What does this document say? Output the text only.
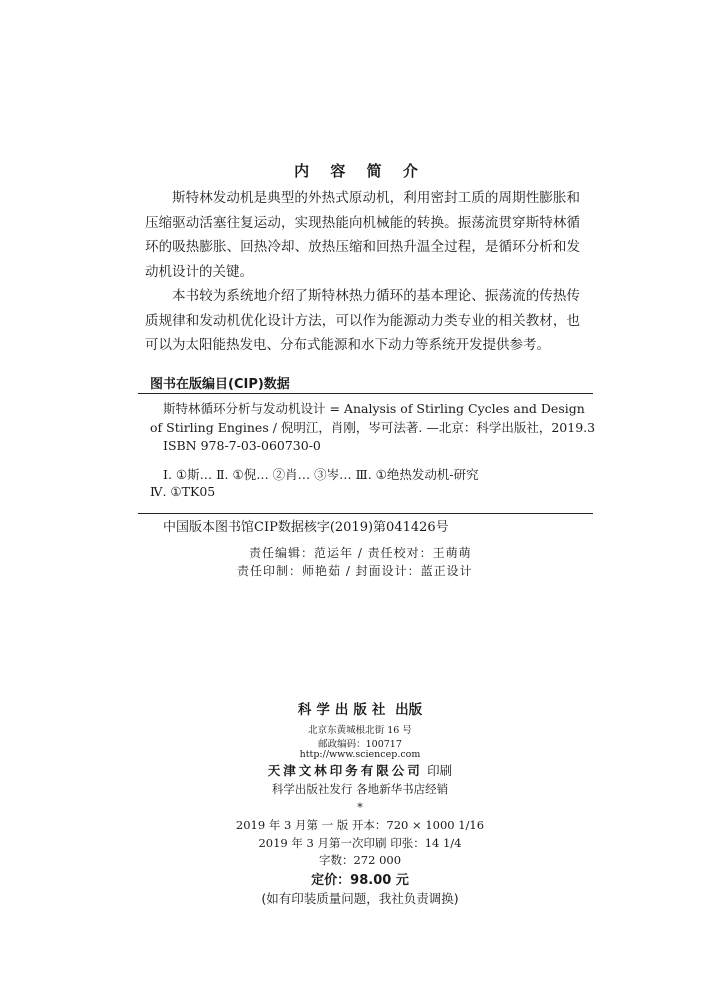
内 容 简 介

斯特林发动机是典型的外热式原动机，利用密封工质的周期性膨胀和压缩驱动活塞往复运动，实现热能向机械能的转换。振荡流贯穿斯特林循环的吸热膨胀、回热冷却、放热压缩和回热升温全过程，是循环分析和发动机设计的关键。

本书较为系统地介绍了斯特林热力循环的基本理论、振荡流的传热传质规律和发动机优化设计方法，可以作为能源动力类专业的相关教材，也可以为太阳能热发电、分布式能源和水下动力等系统开发提供参考。

图书在版编目(CIP)数据
斯特林循环分析与发动机设计 = Analysis of Stirling Cycles and Design
of Stirling Engines / 倪明江，肖刚，岑可法著. —北京：科学出版社，2019.3
ISBN 978-7-03-060730-0
Ⅰ. ①斯… Ⅱ. ①倪… ②肖… ③岑… Ⅲ. ①绝热发动机-研究
Ⅳ. ①TK05
中国版本图书馆CIP数据核字(2019)第041426号
责任编辑：范运年 / 责任校对：王萌萌
责任印制：师艳茹 / 封面设计：蓝正设计
科学出版社 出版
北京东黄城根北街 16 号
邮政编码：100717
http://www.sciencep.com
天津文林印务有限公司 印刷
科学出版社发行 各地新华书店经销
*
2019 年 3 月第 一 版 开本：720 × 1000 1/16
2019 年 3 月第一次印刷 印张：14 1/4
字数：272 000
定价：98.00 元
(如有印装质量问题，我社负责调换)
